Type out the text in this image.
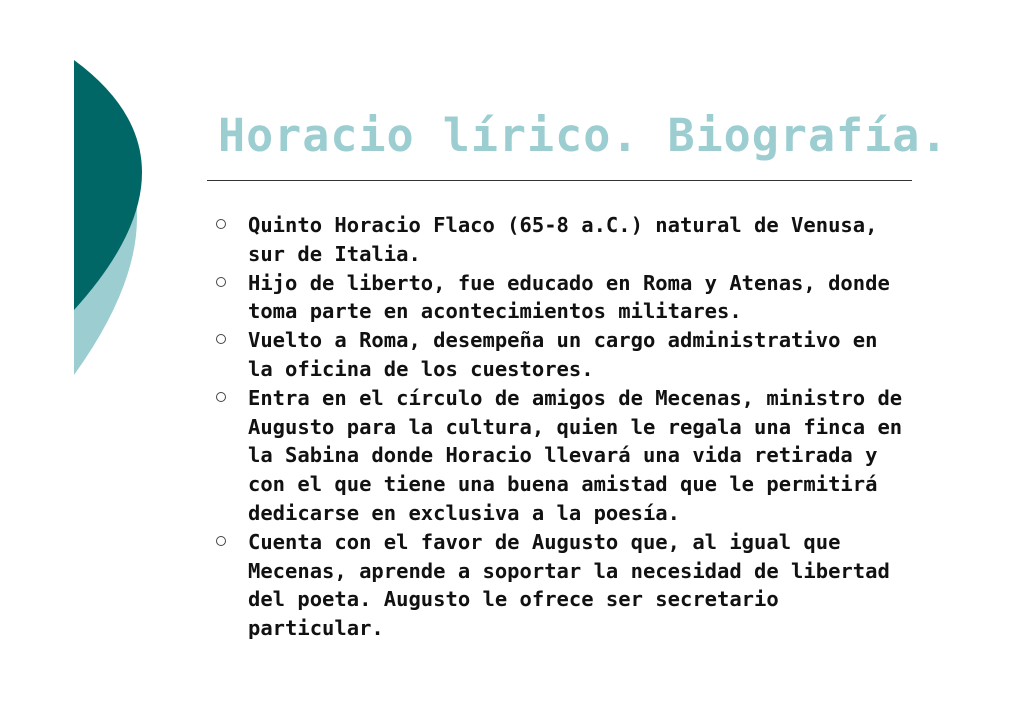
Horacio lírico. Biografía.
Quinto Horacio Flaco (65-8 a.C.) natural de Venusa, sur de Italia.
Hijo de liberto, fue educado en Roma y Atenas, donde toma parte en acontecimientos militares.
Vuelto a Roma, desempeña un cargo administrativo en la oficina de los cuestores.
Entra en el círculo de amigos de Mecenas, ministro de Augusto para la cultura, quien le regala una finca en la Sabina donde Horacio llevará una vida retirada y con el que tiene una buena amistad que le permitirá dedicarse en exclusiva a la poesía.
Cuenta con el favor de Augusto que, al igual que Mecenas, aprende a soportar la necesidad de libertad del poeta. Augusto le ofrece ser secretario particular.
